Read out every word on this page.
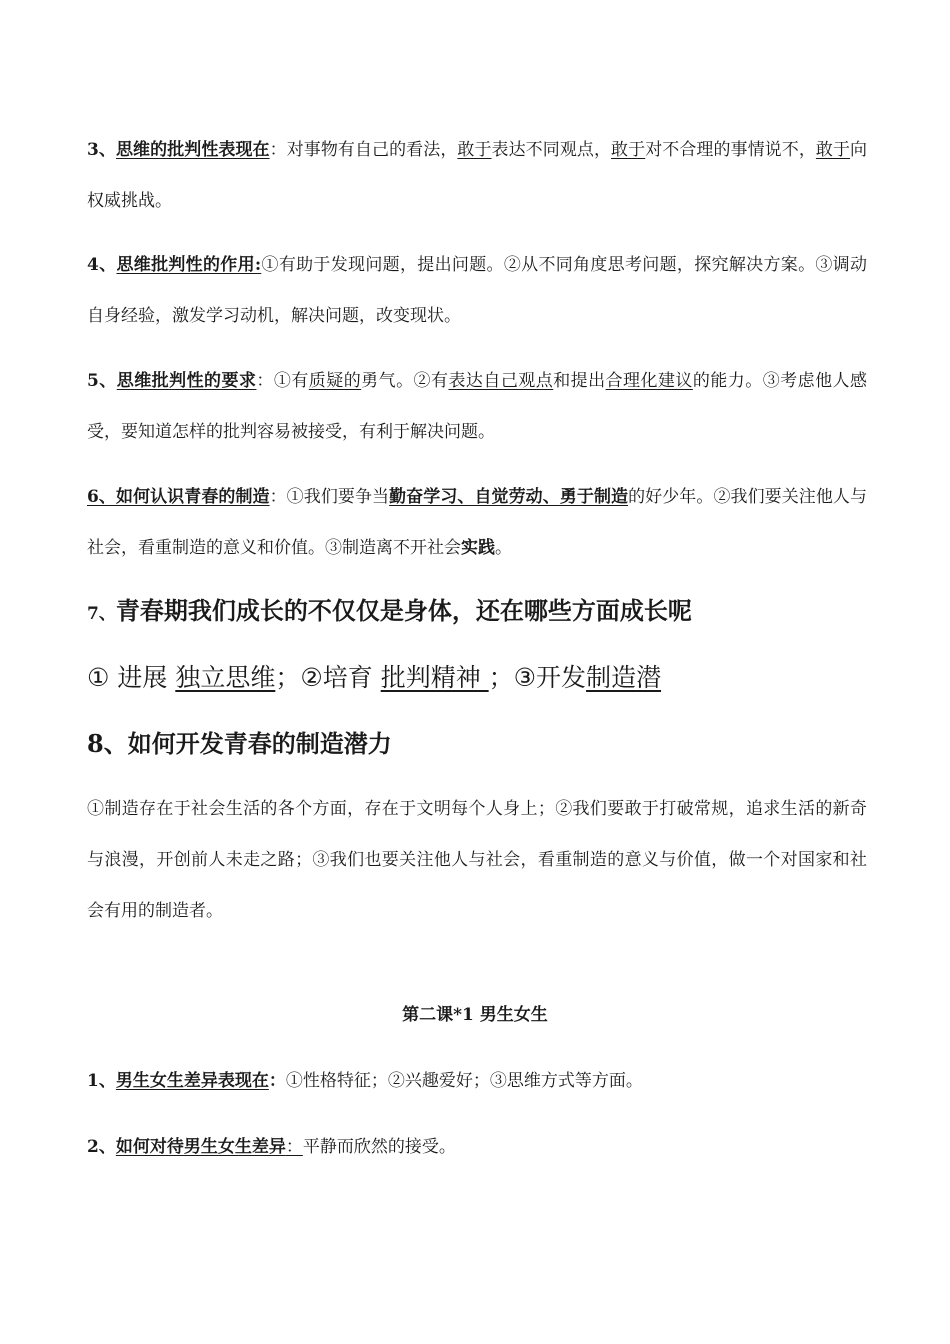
3、思维的批判性表现在：对事物有自己的看法，敢于表达不同观点，敢于对不合理的事情说不，敢于向权威挑战。

4、思维批判性的作用:①有助于发现问题，提出问题。②从不同角度思考问题，探究解决方案。③调动自身经验，激发学习动机，解决问题，改变现状。

5、思维批判性的要求：①有质疑的勇气。②有表达自己观点和提出合理化建议的能力。③考虑他人感受，要知道怎样的批判容易被接受，有利于解决问题。

6、如何认识青春的制造：①我们要争当勤奋学习、自觉劳动、勇于制造的好少年。②我们要关注他人与社会，看重制造的意义和价值。③制造离不开社会实践。

7、青春期我们成长的不仅仅是身体，还在哪些方面成长呢

① 进展 独立思维；②培育 批判精神 ；③开发制造潜

8、如何开发青春的制造潜力

①制造存在于社会生活的各个方面，存在于文明每个人身上；②我们要敢于打破常规，追求生活的新奇与浪漫，开创前人未走之路；③我们也要关注他人与社会，看重制造的意义与价值，做一个对国家和社会有用的制造者。

第二课*1 男生女生

1、男生女生差异表现在：①性格特征；②兴趣爱好；③思维方式等方面。

2、如何对待男生女生差异：平静而欣然的接受。
